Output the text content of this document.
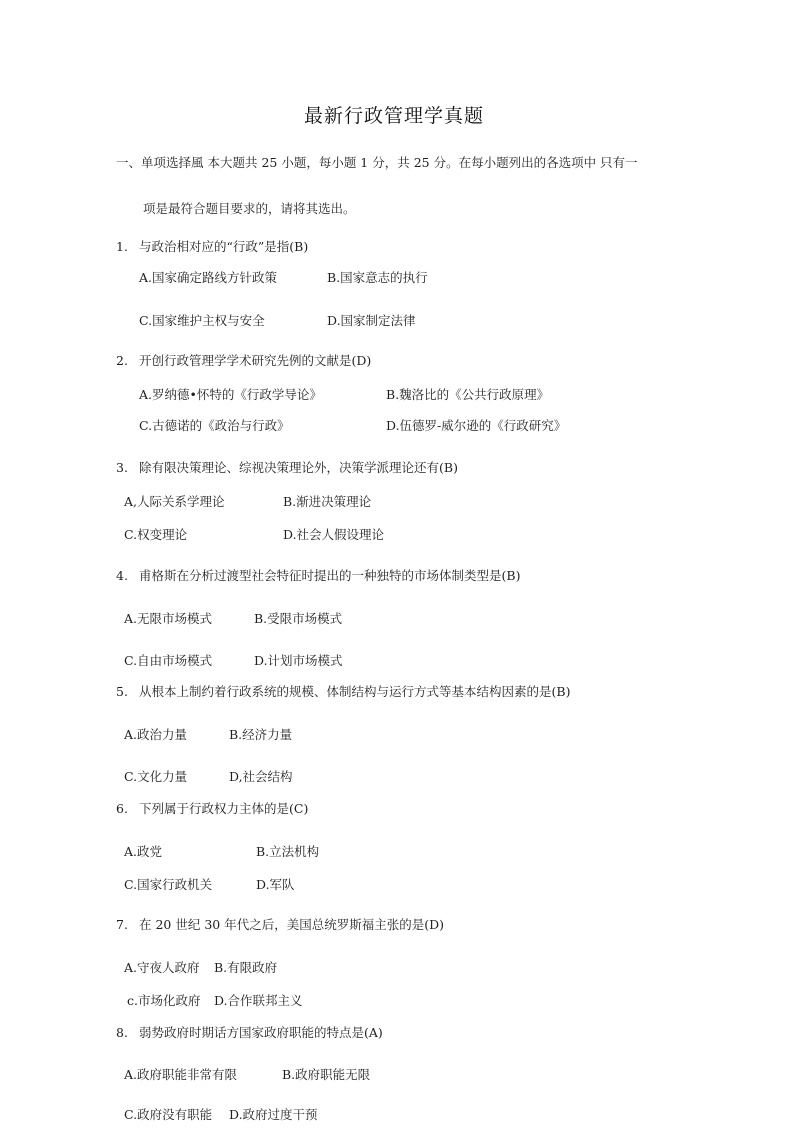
最新行政管理学真题
一、单项选择風 本大题共 25 小题，每小题 1 分，共 25 分。在每小题列出的各选项中 只有一
项是最符合题目要求的，请将其选出。
1. 与政治相对应的“行政”是指(B)
A.国家确定路线方针政策	B.国家意志的执行
C.国家维护主权与安全	D.国家制定法律
2. 开创行政管理学学术研究先例的文献是(D)
A.罗纳德•怀特的《行政学导论》	B.魏洛比的《公共行政原理》
C.古德诺的《政治与行政》	D.伍德罗-威尔逊的《行政研究》
3. 除有限决策理论、综视决策理论外，决策学派理论还有(B)
A,人际关系学理论	B.渐进决策理论
C.权变理论	D.社会人假设理论
4. 甫格斯在分析过渡型社会特征时提出的一种独特的市场体制类型是(B)
A.无限市场模式	B.受限市场模式
C.自由市场模式	D.计划市场模式
5. 从根本上制约着行政系统的规模、体制结构与运行方式等基本结构因素的是(B)
A.政治力量	B.经济力量
C.文化力量	D,社会结构
6. 下列属于行政权力主体的是(C)
A.政党	B.立法机构
C.国家行政机关	D.军队
7. 在 20 世纪 30 年代之后，美国总统罗斯福主张的是(D)
A.守夜人政府 B.有限政府
c.市场化政府 D.合作联邦主义
8. 弱势政府时期话方国家政府职能的特点是(A)
A.政府职能非常有限	B.政府职能无限
C.政府没有职能 D.政府过度干预
